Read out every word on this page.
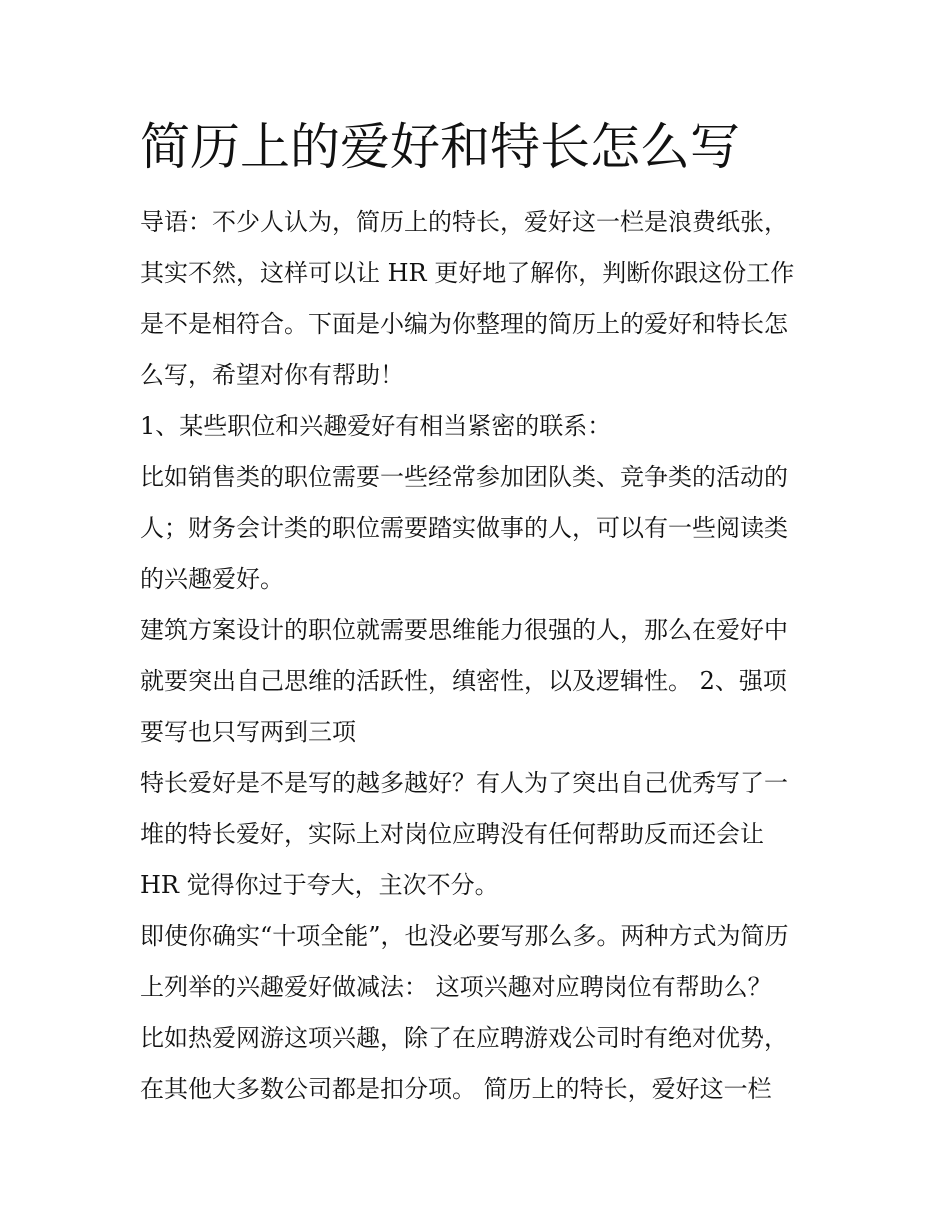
简历上的爱好和特长怎么写

导语：不少人认为，简历上的特长，爱好这一栏是浪费纸张，

其实不然，这样可以让 HR 更好地了解你，判断你跟这份工作

是不是相符合。下面是小编为你整理的简历上的爱好和特长怎

么写，希望对你有帮助！

1、某些职位和兴趣爱好有相当紧密的联系：

比如销售类的职位需要一些经常参加团队类、竞争类的活动的

人；财务会计类的职位需要踏实做事的人，可以有一些阅读类

的兴趣爱好。

建筑方案设计的职位就需要思维能力很强的人，那么在爱好中

就要突出自己思维的活跃性，缜密性，以及逻辑性。 2、强项

要写也只写两到三项

特长爱好是不是写的越多越好？有人为了突出自己优秀写了一

堆的特长爱好，实际上对岗位应聘没有任何帮助反而还会让

HR 觉得你过于夸大，主次不分。

即使你确实“十项全能”，也没必要写那么多。两种方式为简历

上列举的兴趣爱好做减法： 这项兴趣对应聘岗位有帮助么？

比如热爱网游这项兴趣，除了在应聘游戏公司时有绝对优势，

在其他大多数公司都是扣分项。 简历上的特长，爱好这一栏
